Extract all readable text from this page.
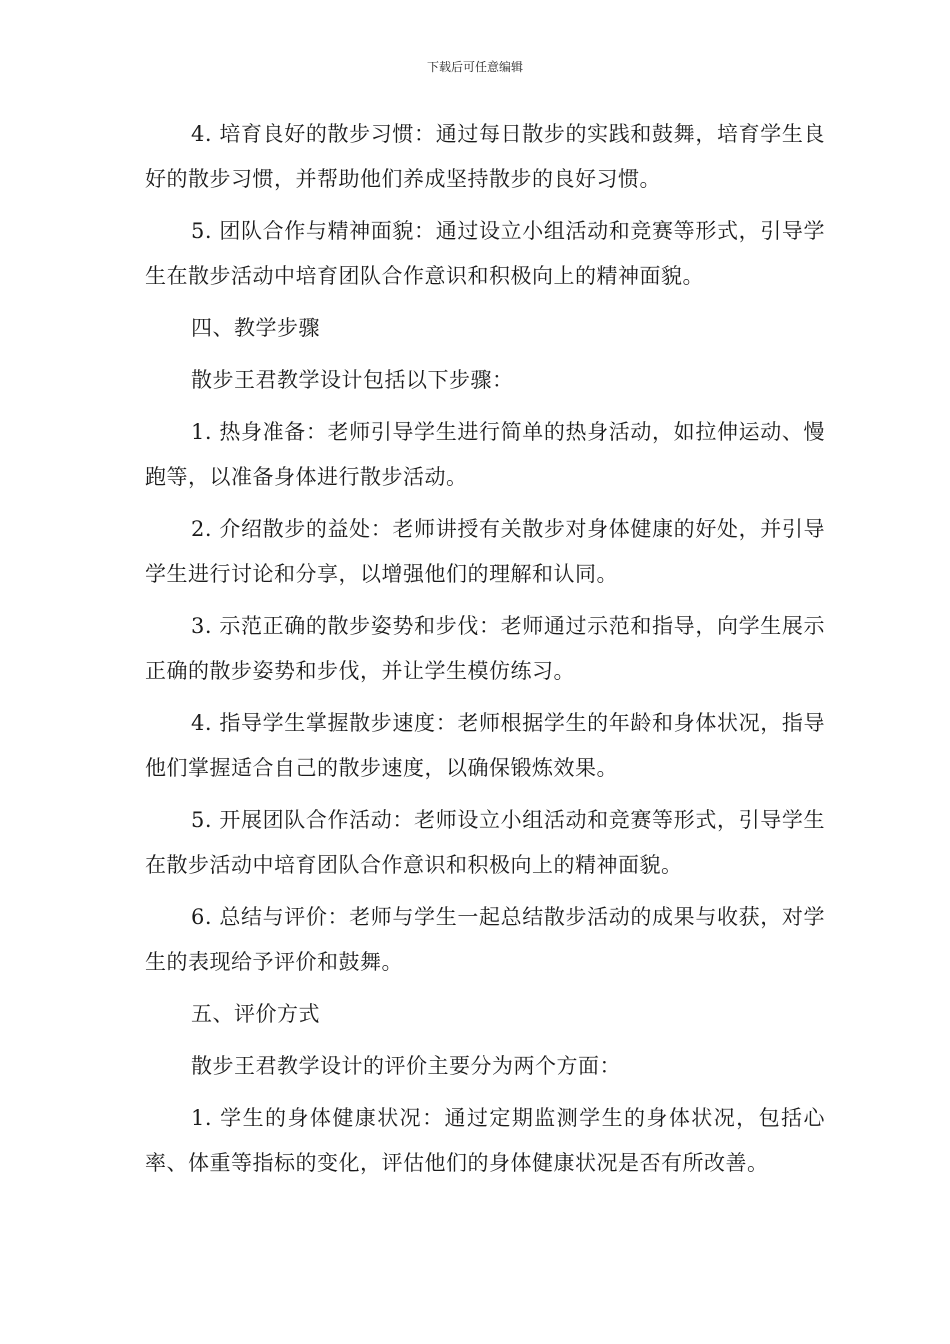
下载后可任意编辑

4. 培育良好的散步习惯：通过每日散步的实践和鼓舞，培育学生良好的散步习惯，并帮助他们养成坚持散步的良好习惯。

5. 团队合作与精神面貌：通过设立小组活动和竞赛等形式，引导学生在散步活动中培育团队合作意识和积极向上的精神面貌。

四、教学步骤

散步王君教学设计包括以下步骤：

1. 热身准备：老师引导学生进行简单的热身活动，如拉伸运动、慢跑等，以准备身体进行散步活动。

2. 介绍散步的益处：老师讲授有关散步对身体健康的好处，并引导学生进行讨论和分享，以增强他们的理解和认同。

3. 示范正确的散步姿势和步伐：老师通过示范和指导，向学生展示正确的散步姿势和步伐，并让学生模仿练习。

4. 指导学生掌握散步速度：老师根据学生的年龄和身体状况，指导他们掌握适合自己的散步速度，以确保锻炼效果。

5. 开展团队合作活动：老师设立小组活动和竞赛等形式，引导学生在散步活动中培育团队合作意识和积极向上的精神面貌。

6. 总结与评价：老师与学生一起总结散步活动的成果与收获，对学生的表现给予评价和鼓舞。

五、评价方式

散步王君教学设计的评价主要分为两个方面：

1. 学生的身体健康状况：通过定期监测学生的身体状况，包括心率、体重等指标的变化，评估他们的身体健康状况是否有所改善。
